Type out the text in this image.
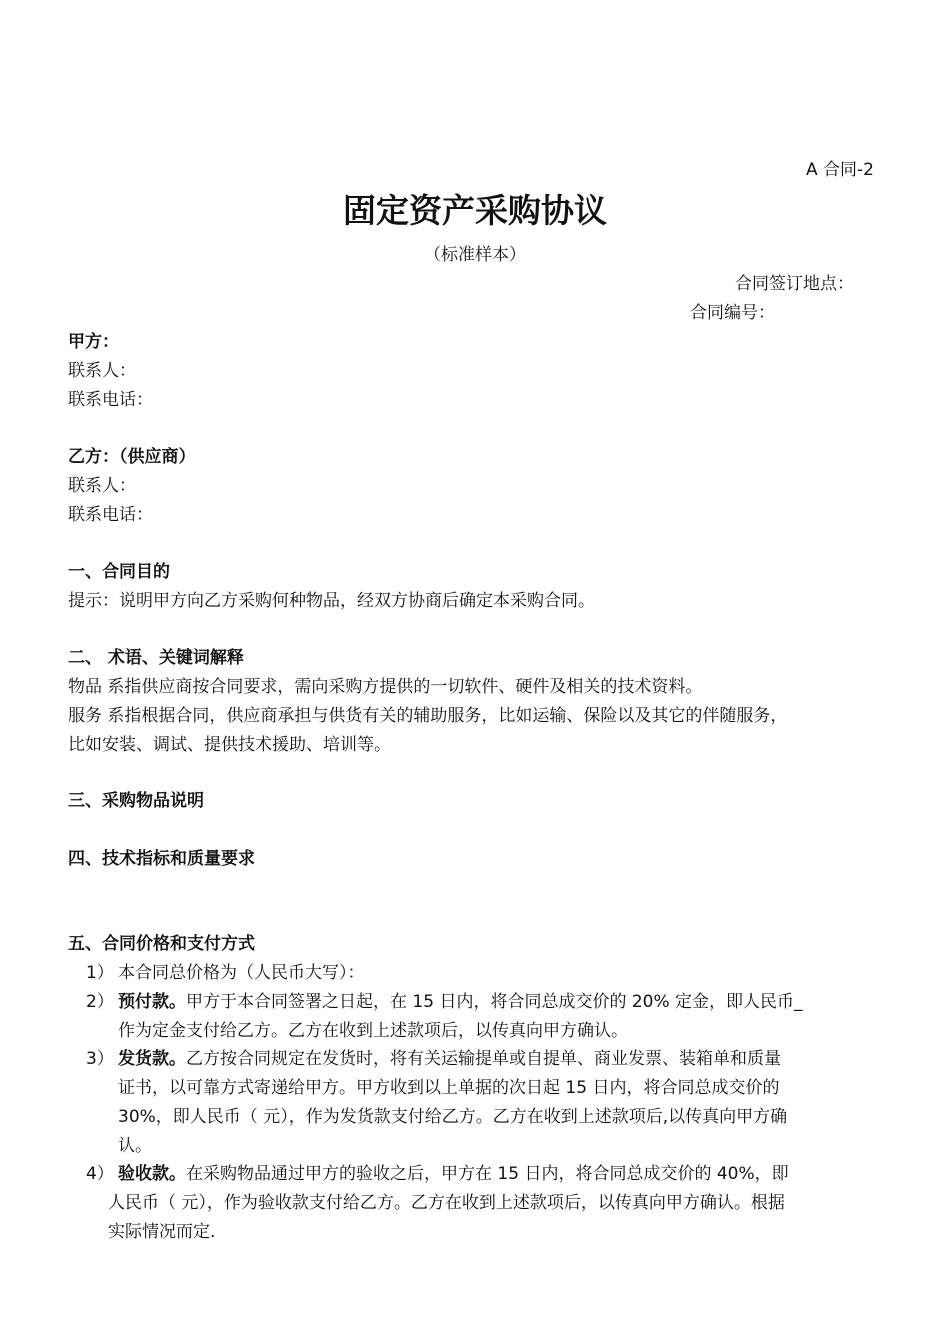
A 合同-2
固定资产采购协议
（标准样本）
合同签订地点：
合同编号：
甲方：
联系人：
联系电话：
乙方：（供应商）
联系人：
联系电话：
一、合同目的
提示：说明甲方向乙方采购何种物品，经双方协商后确定本采购合同。
二、 术语、关键词解释
物品 系指供应商按合同要求，需向采购方提供的一切软件、硬件及相关的技术资料。
服务 系指根据合同，供应商承担与供货有关的辅助服务，比如运输、保险以及其它的伴随服务，
比如安装、调试、提供技术援助、培训等。
三、采购物品说明
四、技术指标和质量要求
五、合同价格和支付方式
1） 本合同总价格为（人民币大写）：
2） 预付款。甲方于本合同签署之日起，在 15 日内，将合同总成交价的 20% 定金，即人民币_
作为定金支付给乙方。乙方在收到上述款项后，以传真向甲方确认。
3） 发货款。乙方按合同规定在发货时，将有关运输提单或自提单、商业发票、装箱单和质量
证书，以可靠方式寄递给甲方。甲方收到以上单据的次日起 15 日内，将合同总成交价的
30%，即人民币（ 元），作为发货款支付给乙方。乙方在收到上述款项后,以传真向甲方确
认。
4） 验收款。在采购物品通过甲方的验收之后，甲方在 15 日内，将合同总成交价的 40%，即
人民币（ 元），作为验收款支付给乙方。乙方在收到上述款项后，以传真向甲方确认。根据
实际情况而定.
